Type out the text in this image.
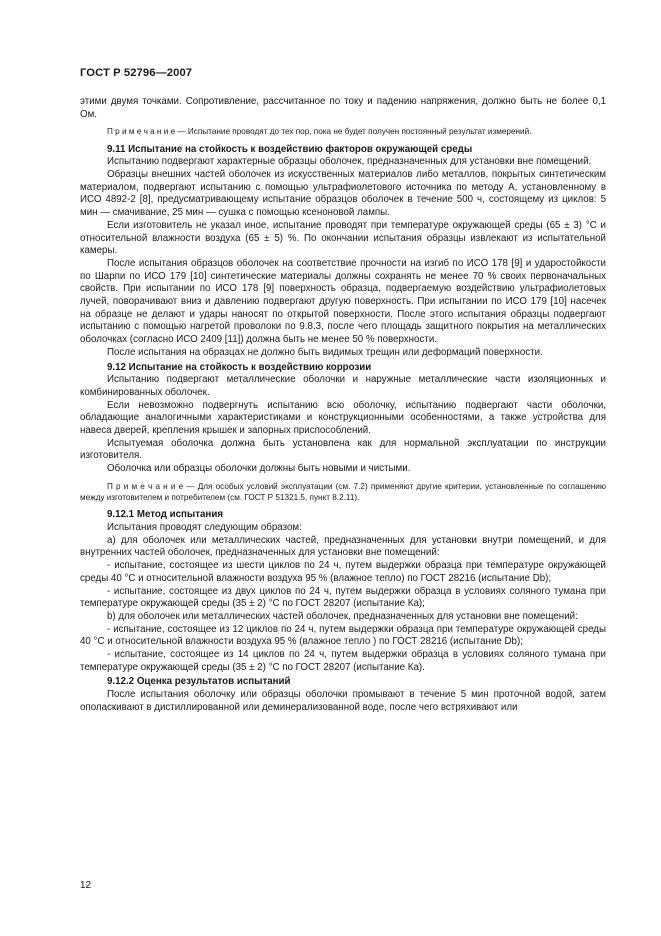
ГОСТ Р 52796—2007

этими двумя точками. Сопротивление, рассчитанное по току и падению напряжения, должно быть не более 0,1 Ом.

П р и м е ч а н и е — Испытание проводят до тех пор, пока не будет получен постоянный результат измерений.

9.11 Испытание на стойкость к воздействию факторов окружающей среды

Испытанию подвергают характерные образцы оболочек, предназначенных для установки вне помещений.

Образцы внешних частей оболочек из искусственных материалов либо металлов, покрытых синтетическим материалом, подвергают испытанию с помощью ультрафиолетового источника по методу А, установленному в ИСО 4892-2 [8], предусматривающему испытание образцов оболочек в течение 500 ч, состоящему из циклов: 5 мин — смачивание, 25 мин — сушка с помощью ксеноновой лампы.

Если изготовитель не указал иное, испытание проводят при температуре окружающей среды (65 ± 3) °С и относительной влажности воздуха (65 ± 5) %. По окончании испытания образцы извлекают из испытательной камеры.

После испытания образцов оболочек на соответствие прочности на изгиб по ИСО 178 [9] и ударостойкости по Шарпи по ИСО 179 [10] синтетические материалы должны сохранять не менее 70 % своих первоначальных свойств. При испытании по ИСО 178 [9] поверхность образца, подвергаемую воздействию ультрафиолетовых лучей, поворачивают вниз и давлению подвергают другую поверхность. При испытании по ИСО 179 [10] насечек на образце не делают и удары наносят по открытой поверхности. После этого испытания образцы подвергают испытанию с помощью нагретой проволоки по 9.8.3, после чего площадь защитного покрытия на металлических оболочках (согласно ИСО 2409 [11]) должна быть не менее 50 % поверхности.

После испытания на образцах не должно быть видимых трещин или деформаций поверхности.

9.12 Испытание на стойкость к воздействию коррозии

Испытанию подвергают металлические оболочки и наружные металлические части изоляционных и комбинированных оболочек.

Если невозможно подвергнуть испытанию всю оболочку, испытанию подвергают части оболочки, обладающие аналогичными характеристиками и конструкционными особенностями, а также устройства для навеса дверей, крепления крышек и запорных приспособлений.

Испытуемая оболочка должна быть установлена как для нормальной эксплуатации по инструкции изготовителя.

Оболочка или образцы оболочки должны быть новыми и чистыми.

П р и м е ч а н и е — Для особых условий эксплуатации (см. 7.2) применяют другие критерии, установленные по соглашению между изготовителем и потребителем (см. ГОСТ Р 51321.5, пункт 8.2.11).

9.12.1 Метод испытания

Испытания проводят следующим образом:

a) для оболочек или металлических частей, предназначенных для установки внутри помещений, и для внутренних частей оболочек, предназначенных для установки вне помещений:

- испытание, состоящее из шести циклов по 24 ч, путем выдержки образца при температуре окружающей среды 40 °С и относительной влажности воздуха 95 % (влажное тепло) по ГОСТ 28216 (испытание Db);

- испытание, состоящее из двух циклов по 24 ч, путем выдержки образца в условиях соляного тумана при температуре окружающей среды (35 ± 2) °С по ГОСТ 28207 (испытание Ка);

b) для оболочек или металлических частей оболочек, предназначенных для установки вне помещений:

- испытание, состоящее из 12 циклов по 24 ч, путем выдержки образца при температуре окружающей среды 40 °С и относительной влажности воздуха 95 % (влажное тепло ) по ГОСТ 28216 (испытание Db);

- испытание, состоящее из 14 циклов по 24 ч, путем выдержки образца в условиях соляного тумана при температуре окружающей среды (35 ± 2) °С по ГОСТ 28207 (испытание Ка).

9.12.2 Оценка результатов испытаний

После испытания оболочку или образцы оболочки промывают в течение 5 мин проточной водой, затем ополаскивают в дистиллированной или деминерализованной воде, после чего встряхивают или

12
